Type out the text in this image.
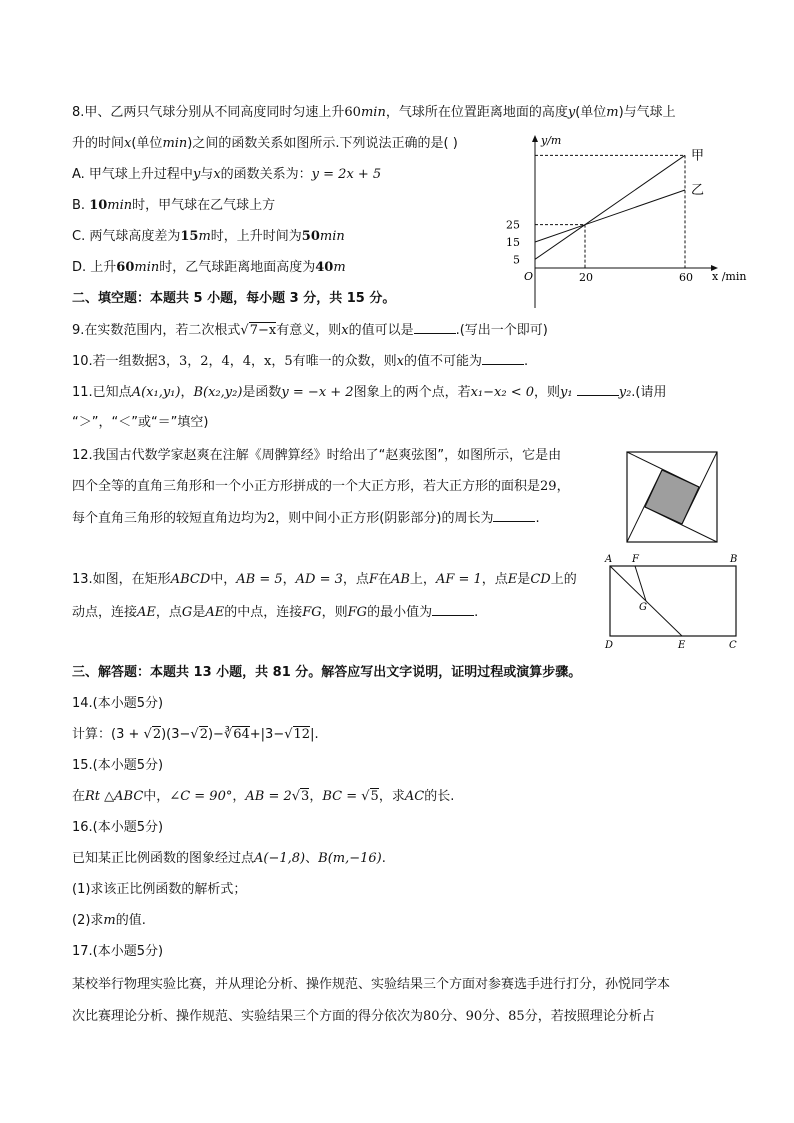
8.甲、乙两只气球分别从不同高度同时匀速上升60min，气球所在位置距离地面的高度y(单位m)与气球上
升的时间x(单位min)之间的函数关系如图所示.下列说法正确的是( )
A. 甲气球上升过程中y与x的函数关系为：y = 2x + 5
B. 10min时，甲气球在乙气球上方
C. 两气球高度差为15m时，上升时间为50min
D. 上升60min时，乙气球距离地面高度为40m
y/m
x /min
O	20	60
5
15
25
甲
乙
二、填空题：本题共 5 小题，每小题 3 分，共 15 分。
9.在实数范围内，若二次根式√7−x有意义，则x的值可以是	.(写出一个即可)
10.若一组数据3，3，2，4，4，x，5有唯一的众数，则x的值不可能为	.
11.已知点A(x₁,y₁)，B(x₂,y₂)是函数y = −x + 2图象上的两个点，若x₁−x₂ < 0，则y₁	y₂.(请用
“＞”，“＜”或“＝”填空)
12.我国古代数学家赵爽在注解《周髀算经》时给出了“赵爽弦图”，如图所示，它是由
四个全等的直角三角形和一个小正方形拼成的一个大正方形，若大正方形的面积是29，
每个直角三角形的较短直角边均为2，则中间小正方形(阴影部分)的周长为	.
13.如图，在矩形ABCD中，AB = 5，AD = 3，点F在AB上，AF = 1，点E是CD上的
动点，连接AE，点G是AE的中点，连接FG，则FG的最小值为	.
A F	B
G
D	E	C
三、解答题：本题共 13 小题，共 81 分。解答应写出文字说明，证明过程或演算步骤。
14.(本小题5分)
计算：(3 + √2)(3−√2)−∛64+|3−√12|.
15.(本小题5分)
在Rt △ABC中，∠C = 90°，AB = 2√3，BC = √5，求AC的长.
16.(本小题5分)
已知某正比例函数的图象经过点A(−1,8)、B(m,−16).
(1)求该正比例函数的解析式；
(2)求m的值.
17.(本小题5分)
某校举行物理实验比赛，并从理论分析、操作规范、实验结果三个方面对参赛选手进行打分，孙悦同学本
次比赛理论分析、操作规范、实验结果三个方面的得分依次为80分、90分、85分，若按照理论分析占
